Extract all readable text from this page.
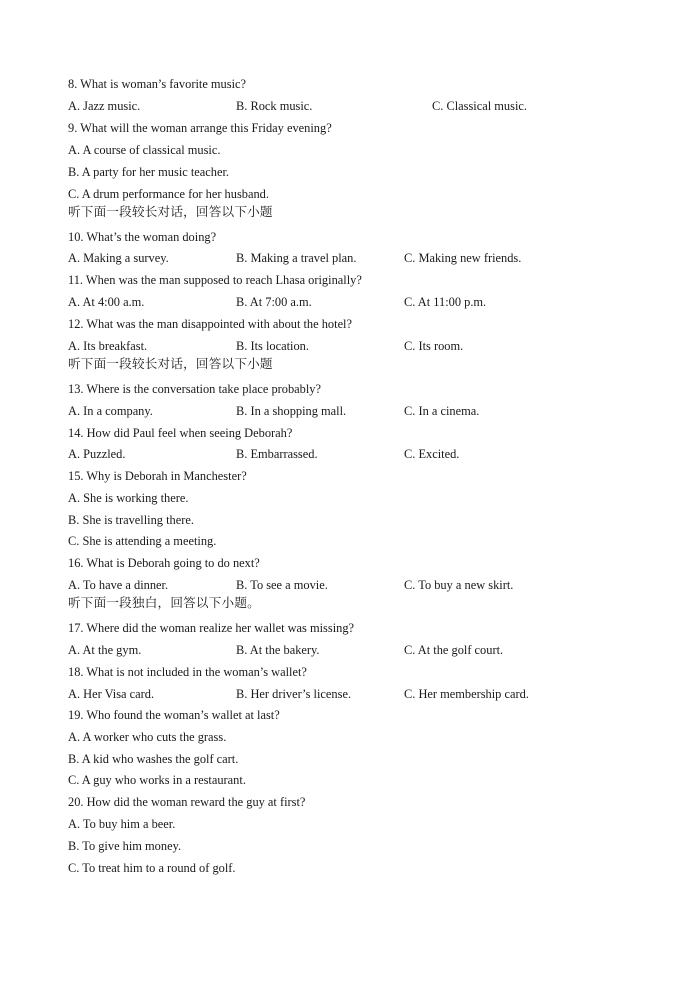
8. What is woman’s favorite music?
A. Jazz music.	B. Rock music.	C. Classical music.
9. What will the woman arrange this Friday evening?
A. A course of classical music.
B. A party for her music teacher.
C. A drum performance for her husband.
听下面一段较长对话，回答以下小题
10. What’s the woman doing?
A. Making a survey.	B. Making a travel plan.	C. Making new friends.
11. When was the man supposed to reach Lhasa originally?
A. At 4:00 a.m.	B. At 7:00 a.m.	C. At 11:00 p.m.
12. What was the man disappointed with about the hotel?
A. Its breakfast.	B. Its location.	C. Its room.
听下面一段较长对话，回答以下小题
13. Where is the conversation take place probably?
A. In a company.	B. In a shopping mall.	C. In a cinema.
14. How did Paul feel when seeing Deborah?
A. Puzzled.	B. Embarrassed.	C. Excited.
15. Why is Deborah in Manchester?
A. She is working there.
B. She is travelling there.
C. She is attending a meeting.
16. What is Deborah going to do next?
A. To have a dinner.	B. To see a movie.	C. To buy a new skirt.
听下面一段独白，回答以下小题。
17. Where did the woman realize her wallet was missing?
A. At the gym.	B. At the bakery.	C. At the golf court.
18. What is not included in the woman’s wallet?
A. Her Visa card.	B. Her driver’s license.	C. Her membership card.
19. Who found the woman’s wallet at last?
A. A worker who cuts the grass.
B. A kid who washes the golf cart.
C. A guy who works in a restaurant.
20. How did the woman reward the guy at first?
A. To buy him a beer.
B. To give him money.
C. To treat him to a round of golf.
